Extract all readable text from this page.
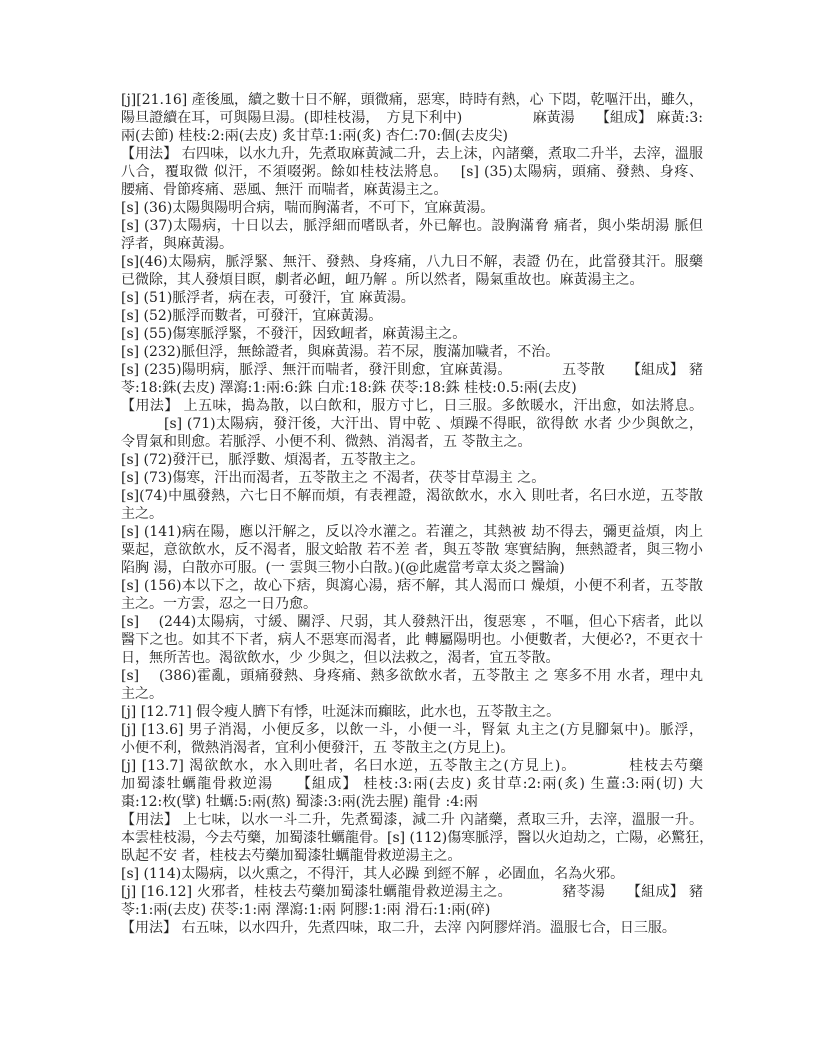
[j][21.16] 產後風，續之數十日不解，頭微痛，惡寒，時時有熱，心 下悶，乾嘔汗出，雖久，
陽旦證續在耳，可與陽旦湯。(即桂枝湯，　方見下利中)　　　　　麻黃湯　　【組成】 麻黃:3:
兩(去節) 桂枝:2:兩(去皮) 炙甘草:1:兩(炙) 杏仁:70:個(去皮尖)
【用法】 右四味，以水九升，先煮取麻黃減二升，去上沫，內諸藥，煮取二升半，去滓，溫服
八合，覆取微 似汗，不須啜粥。餘如桂枝法將息。　 [s] (35)太陽病，頭痛、發熱、身疼、
腰痛、骨節疼痛、惡風、無汗 而喘者，麻黃湯主之。
[s] (36)太陽與陽明合病，喘而胸滿者，不可下，宜麻黃湯。
[s] (37)太陽病，十日以去，脈浮細而嗜臥者，外已解也。設胸滿脅 痛者，與小柴胡湯 脈但
浮者，與麻黃湯。
[s](46)太陽病，脈浮緊、無汗、發熱、身疼痛，八九日不解，表證 仍在，此當發其汗。服藥
已微除，其人發煩目瞑，劇者必衄，衄乃解 。所以然者，陽氣重故也。麻黃湯主之。
[s] (51)脈浮者，病在表，可發汗，宜 麻黃湯。
[s] (52)脈浮而數者，可發汗，宜麻黃湯。
[s] (55)傷寒脈浮緊，不發汗，因致衄者，麻黃湯主之。
[s] (232)脈但浮，無餘證者，與麻黃湯。若不尿，腹滿加噦者，不治。
[s] (235)陽明病，脈浮、無汗而喘者，發汗則愈，宜麻黃湯。　　　　五苓散　　【組成】 豬
苓:18:銖(去皮) 澤瀉:1:兩:6:銖 白朮:18:銖 茯苓:18:銖 桂枝:0.5:兩(去皮)
【用法】 上五味，搗為散，以白飲和，服方寸匕，日三服。多飲暖水，汗出愈，如法將息。
　　　[s] (71)太陽病，發汗後，大汗出、胃中乾 、煩躁不得眠，欲得飲 水者 少少與飲之，
令胃氣和則愈。若脈浮、小便不利、微熱、消渴者，五 苓散主之。
[s] (72)發汗已，脈浮數、煩渴者，五苓散主之。
[s] (73)傷寒，汗出而渴者，五苓散主之 不渴者，茯苓甘草湯主 之。
[s](74)中風發熱，六七日不解而煩，有表裡證，渴欲飲水，水入 則吐者，名曰水逆，五苓散
主之。
[s] (141)病在陽，應以汗解之，反以冷水灌之。若灌之，其熱被 劫不得去，彌更益煩，肉上
粟起，意欲飲水，反不渴者，服文蛤散 若不差 者，與五苓散 寒實結胸，無熱證者，與三物小
陷胸 湯，白散亦可服。(一 雲與三物小白散。)(@此處當考章太炎之醫論)
[s] (156)本以下之，故心下痞，與瀉心湯，痞不解，其人渴而口 燥煩，小便不利者，五苓散
主之。一方雲，忍之一日乃愈。
[s]　 (244)太陽病，寸緩、關浮、尺弱，其人發熱汗出，復惡寒 ，不嘔，但心下痞者，此以
醫下之也。如其不下者，病人不惡寒而渴者，此 轉屬陽明也。小便數者，大便必?，不更衣十
日，無所苦也。渴欲飲水，少 少與之，但以法救之，渴者，宜五苓散。
[s]　 (386)霍亂，頭痛發熱、身疼痛、熱多欲飲水者，五苓散主 之 寒多不用 水者，理中丸
主之。
[j] [12.71] 假令瘦人臍下有悸，吐涎沫而癲眩，此水也，五苓散主之。
[j] [13.6] 男子消渴，小便反多，以飲一斗，小便一斗，腎氣 丸主之(方見腳氣中)。脈浮，
小便不利，微熱消渴者，宜利小便發汗，五 苓散主之(方見上)。
[j] [13.7] 渴欲飲水，水入則吐者，名曰水逆，五苓散主之(方見上)。　　　　桂枝去芍藥
加蜀漆牡蠣龍骨救逆湯　　【組成】 桂枝:3:兩(去皮) 炙甘草:2:兩(炙) 生薑:3:兩(切) 大
棗:12:枚(擘) 牡蠣:5:兩(熬) 蜀漆:3:兩(洗去腥) 龍骨 :4:兩
【用法】 上七味，以水一斗二升，先煮蜀漆，減二升 內諸藥，煮取三升，去滓，溫服一升。
本雲桂枝湯，今去芍藥，加蜀漆牡蠣龍骨。[s] (112)傷寒脈浮，醫以火迫劫之，亡陽，必驚狂，
臥起不安 者，桂枝去芍藥加蜀漆牡蠣龍骨救逆湯主之。
[s] (114)太陽病，以火熏之，不得汗，其人必躁 到經不解 ，必圊血，名為火邪。
[j] [16.12] 火邪者，桂枝去芍藥加蜀漆牡蠣龍骨救逆湯主之。　　　　豬苓湯　　【組成】 豬
苓:1:兩(去皮) 茯苓:1:兩 澤瀉:1:兩 阿膠:1:兩 滑石:1:兩(碎)
【用法】 右五味，以水四升，先煮四味，取二升，去滓 內阿膠烊消。溫服七合，日三服。
